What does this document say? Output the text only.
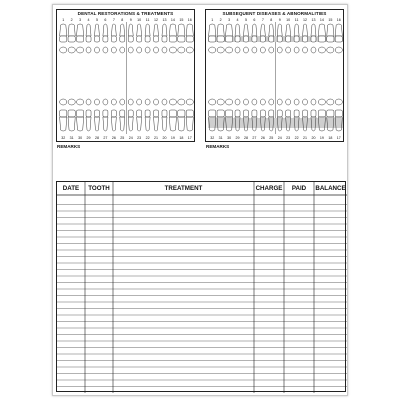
DENTAL RESTORATIONS & TREATMENTS
1	2	3	4	5	6	7	8	9	10	11	12	13	14	15	16
32	31	30	29	28	27	26	25	24	23	22	21	20	19	18	17
SUBSEQUENT DISEASES & ABNORMALITIES
1	2	3	4	5	6	7	8	9	10	11	12	13	14	15	16
32	31	30	29	28	27	26	25	24	23	22	21	20	19	18	17
REMARKS	REMARKS
DATE	TOOTH	TREATMENT	CHARGE	PAID	BALANCE
